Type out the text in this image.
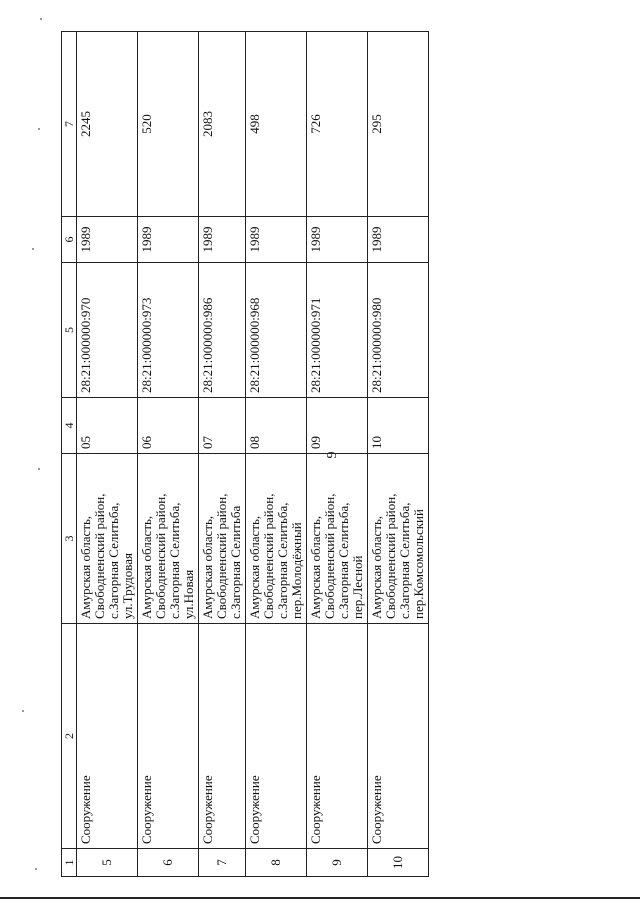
9
1	2	3	4	5	6	7
5	Сооружение	Амурская область, Свободненский район, с.Загорная Селитьба, ул.Трудовая	05	28:21:000000:970	1989	2245
6	Сооружение	Амурская область, Свободненский район, с.Загорная Селитьба, ул.Новая	06	28:21:000000:973	1989	520
7	Сооружение	Амурская область, Свободненский район, с.Загорная Селитьба	07	28:21:000000:986	1989	2083
8	Сооружение	Амурская область, Свободненский район, с.Загорная Селитьба, пер.Молодёжный	08	28:21:000000:968	1989	498
9	Сооружение	Амурская область, Свободненский район, с.Загорная Селитьба, пер.Лесной	09	28:21:000000:971	1989	726
10	Сооружение	Амурская область, Свободненский район, с.Загорная Селитьба, пер.Комсомольский	10	28:21:000000:980	1989	295
